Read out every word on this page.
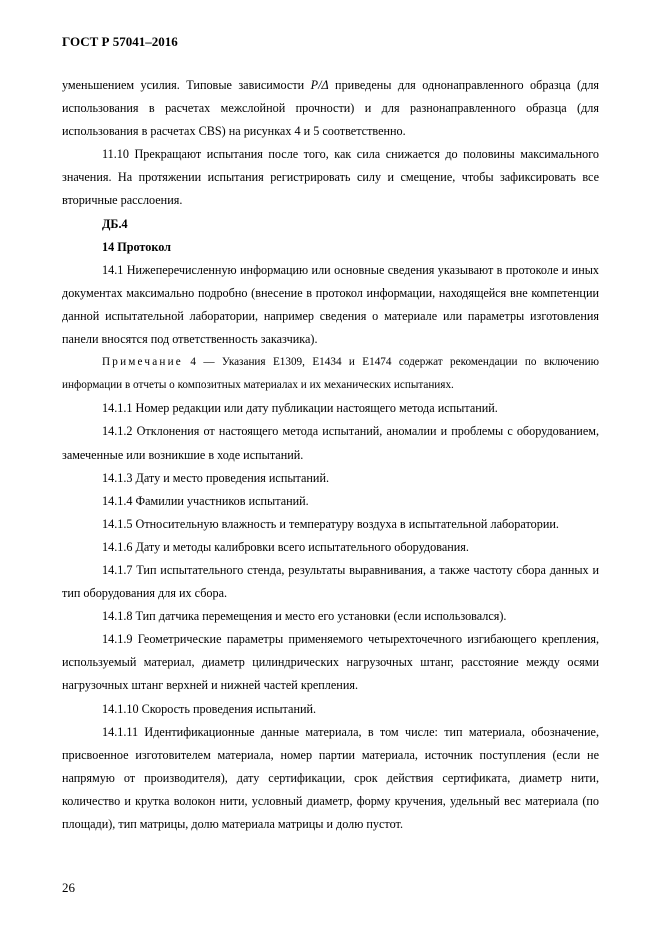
ГОСТ Р 57041–2016

уменьшением усилия. Типовые зависимости P/Δ приведены для однонаправленного образца (для использования в расчетах межслойной прочности) и для разнонаправленного образца (для использования в расчетах CBS) на рисунках 4 и 5 соответственно.

11.10 Прекращают испытания после того, как сила снижается до половины максимального значения. На протяжении испытания регистрировать силу и смещение, чтобы зафиксировать все вторичные расслоения.

ДБ.4

14 Протокол

14.1 Нижеперечисленную информацию или основные сведения указывают в протоколе и иных документах максимально подробно (внесение в протокол информации, находящейся вне компетенции данной испытательной лаборатории, например сведения о материале или параметры изготовления панели вносятся под ответственность заказчика).

Примечание 4 — Указания E1309, E1434 и E1474 содержат рекомендации по включению информации в отчеты о композитных материалах и их механических испытаниях.

14.1.1 Номер редакции или дату публикации настоящего метода испытаний.

14.1.2 Отклонения от настоящего метода испытаний, аномалии и проблемы с оборудованием, замеченные или возникшие в ходе испытаний.

14.1.3 Дату и место проведения испытаний.

14.1.4 Фамилии участников испытаний.

14.1.5 Относительную влажность и температуру воздуха в испытательной лаборатории.

14.1.6 Дату и методы калибровки всего испытательного оборудования.

14.1.7 Тип испытательного стенда, результаты выравнивания, а также частоту сбора данных и тип оборудования для их сбора.

14.1.8 Тип датчика перемещения и место его установки (если использовался).

14.1.9 Геометрические параметры применяемого четырехточечного изгибающего крепления, используемый материал, диаметр цилиндрических нагрузочных штанг, расстояние между осями нагрузочных штанг верхней и нижней частей крепления.

14.1.10 Скорость проведения испытаний.

14.1.11 Идентификационные данные материала, в том числе: тип материала, обозначение, присвоенное изготовителем материала, номер партии материала, источник поступления (если не напрямую от производителя), дату сертификации, срок действия сертификата, диаметр нити, количество и крутка волокон нити, условный диаметр, форму кручения, удельный вес материала (по площади), тип матрицы, долю материала матрицы и долю пустот.

26
